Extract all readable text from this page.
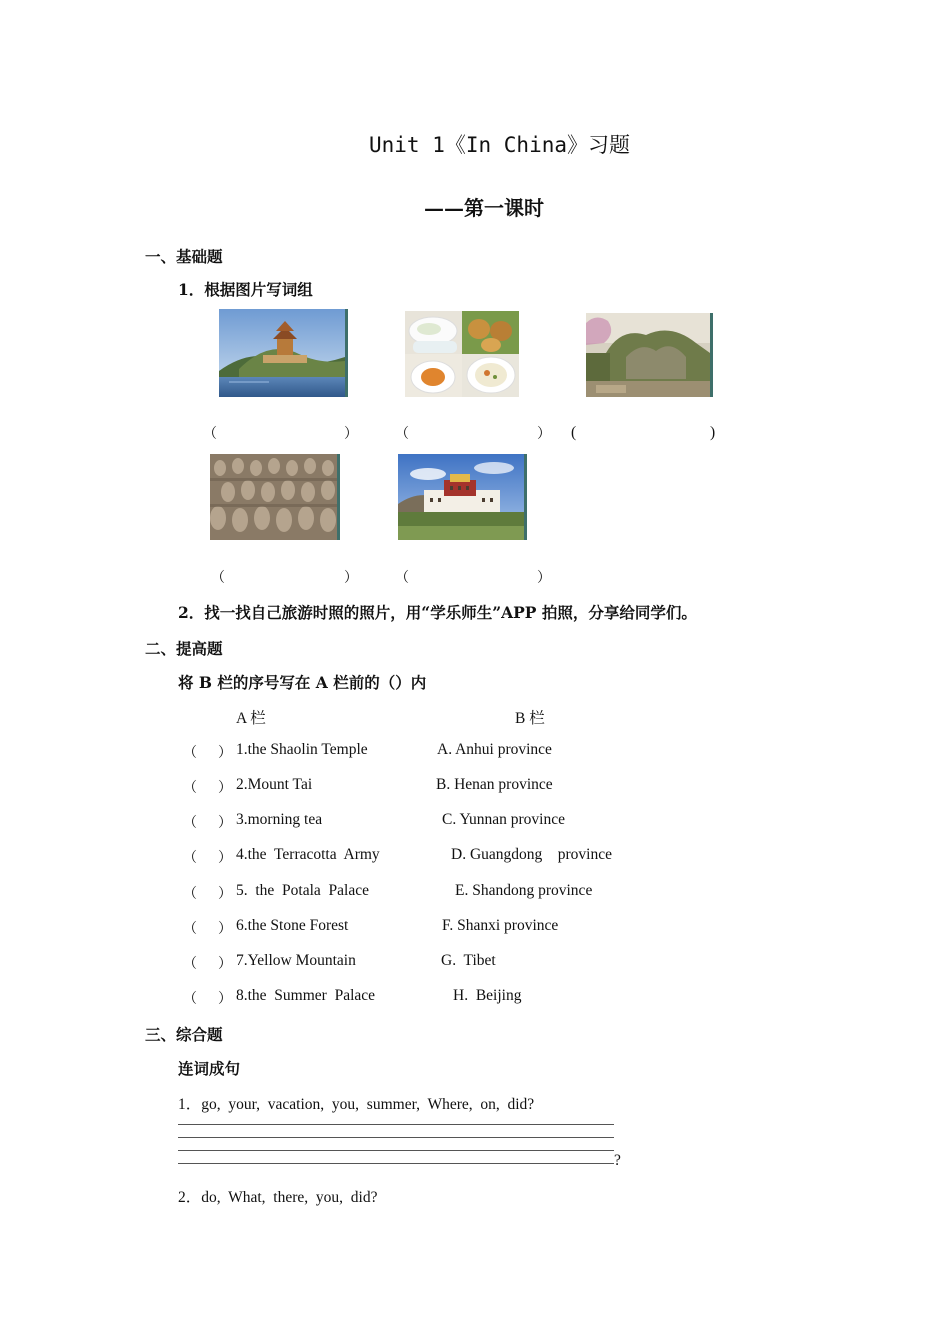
Unit 1《In China》习题
——第一课时
一、基础题
1．根据图片写词组
（	）	（	） (	)
（	）	（	）
2．找一找自己旅游时照的照片，用“学乐师生”APP 拍照，分享给同学们。
二、提高题
将 B 栏的序号写在 A 栏前的（）内
A 栏	B 栏
（ ） 1.the Shaolin Temple	A. Anhui province
（ ） 2.Mount Tai	B. Henan province
（ ） 3.morning tea	C. Yunnan province
（ ） 4.the  Terracotta  Army	D. Guangdong    province
（ ） 5.  the  Potala  Palace	E. Shandong province
（ ） 6.the Stone Forest	F. Shanxi province
（ ） 7.Yellow Mountain	G.  Tibet
（ ） 8.the  Summer  Palace	H.  Beijing
三、综合题
连词成句
1．go,  your,  vacation,  you,  summer,  Where,  on,  did?
?
2．do,  What,  there,  you,  did?
